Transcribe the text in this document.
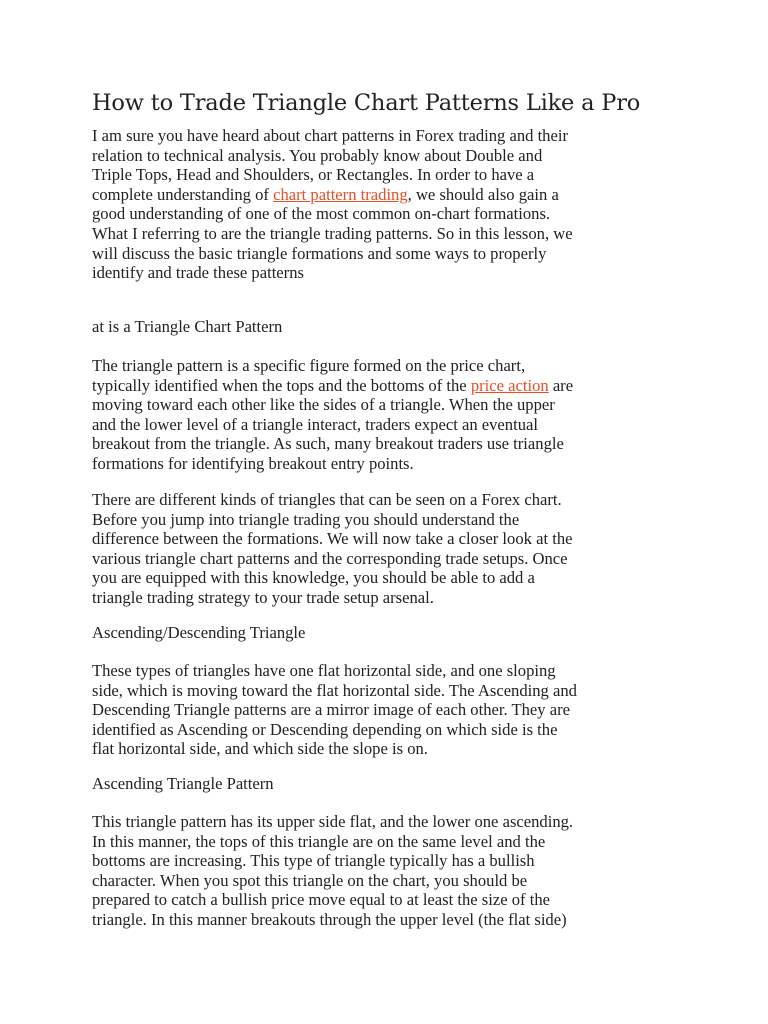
How to Trade Triangle Chart Patterns Like a Pro

I am sure you have heard about chart patterns in Forex trading and their
relation to technical analysis. You probably know about Double and
Triple Tops, Head and Shoulders, or Rectangles. In order to have a
complete understanding of chart pattern trading, we should also gain a
good understanding of one of the most common on-chart formations.
What I referring to are the triangle trading patterns. So in this lesson, we
will discuss the basic triangle formations and some ways to properly
identify and trade these patterns

at is a Triangle Chart Pattern

The triangle pattern is a specific figure formed on the price chart,
typically identified when the tops and the bottoms of the price action are
moving toward each other like the sides of a triangle. When the upper
and the lower level of a triangle interact, traders expect an eventual
breakout from the triangle. As such, many breakout traders use triangle
formations for identifying breakout entry points.

There are different kinds of triangles that can be seen on a Forex chart.
Before you jump into triangle trading you should understand the
difference between the formations. We will now take a closer look at the
various triangle chart patterns and the corresponding trade setups. Once
you are equipped with this knowledge, you should be able to add a
triangle trading strategy to your trade setup arsenal.

Ascending/Descending Triangle

These types of triangles have one flat horizontal side, and one sloping
side, which is moving toward the flat horizontal side. The Ascending and
Descending Triangle patterns are a mirror image of each other. They are
identified as Ascending or Descending depending on which side is the
flat horizontal side, and which side the slope is on.

Ascending Triangle Pattern

This triangle pattern has its upper side flat, and the lower one ascending.
In this manner, the tops of this triangle are on the same level and the
bottoms are increasing. This type of triangle typically has a bullish
character. When you spot this triangle on the chart, you should be
prepared to catch a bullish price move equal to at least the size of the
triangle. In this manner breakouts through the upper level (the flat side)
